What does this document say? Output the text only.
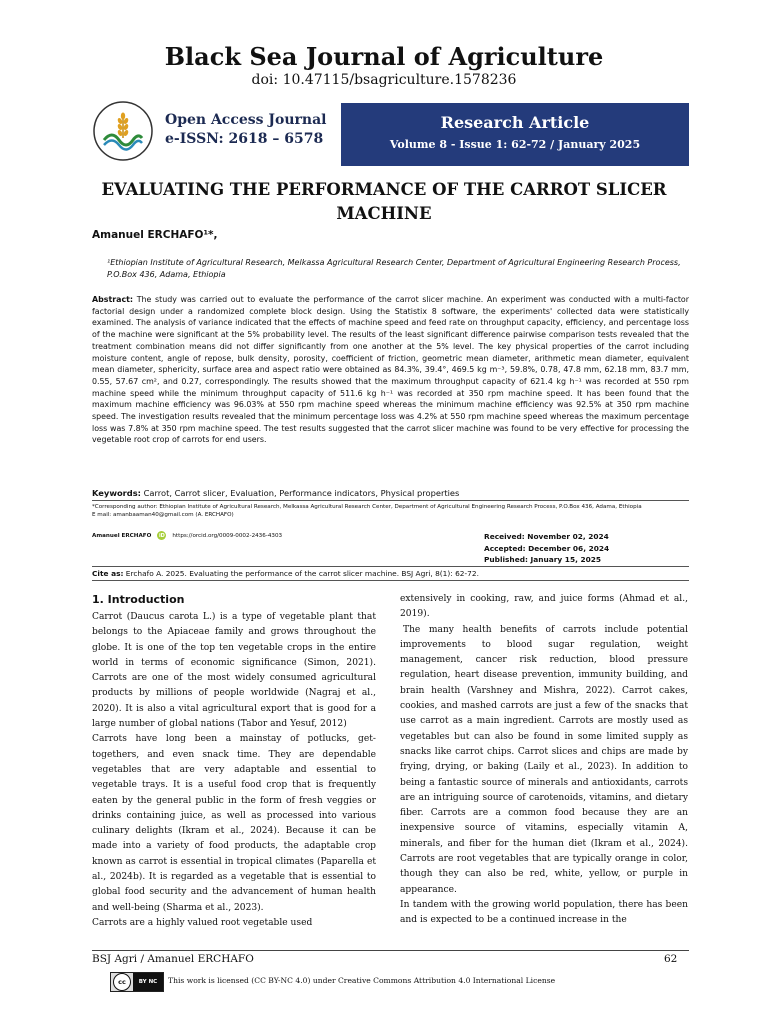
Black Sea Journal of Agriculture
doi: 10.47115/bsagriculture.1578236
Open Access Journal
e-ISSN: 2618 – 6578
Research Article
Volume 8 - Issue 1: 62-72 / January 2025
EVALUATING THE PERFORMANCE OF THE CARROT SLICER MACHINE
Amanuel ERCHAFO¹*,
¹Ethiopian Institute of Agricultural Research, Melkassa Agricultural Research Center, Department of Agricultural Engineering Research Process, P.O.Box 436, Adama, Ethiopia
Abstract: The study was carried out to evaluate the performance of the carrot slicer machine. An experiment was conducted with a multi-factor factorial design under a randomized complete block design. Using the Statistix 8 software, the experiments' collected data were statistically examined. The analysis of variance indicated that the effects of machine speed and feed rate on throughput capacity, efficiency, and percentage loss of the machine were significant at the 5% probability level. The results of the least significant difference pairwise comparison tests revealed that the treatment combination means did not differ significantly from one another at the 5% level. The key physical properties of the carrot including moisture content, angle of repose, bulk density, porosity, coefficient of friction, geometric mean diameter, arithmetic mean diameter, equivalent mean diameter, sphericity, surface area and aspect ratio were obtained as 84.3%, 39.4°, 469.5 kg m⁻³, 59.8%, 0.78, 47.8 mm, 62.18 mm, 83.7 mm, 0.55, 57.67 cm², and 0.27, correspondingly. The results showed that the maximum throughput capacity of 621.4 kg h⁻¹ was recorded at 550 rpm machine speed while the minimum throughput capacity of 511.6 kg h⁻¹ was recorded at 350 rpm machine speed. It has been found that the maximum machine efficiency was 96.03% at 550 rpm machine speed whereas the minimum machine efficiency was 92.5% at 350 rpm machine speed. The investigation results revealed that the minimum percentage loss was 4.2% at 550 rpm machine speed whereas the maximum percentage loss was 7.8% at 350 rpm machine speed. The test results suggested that the carrot slicer machine was found to be very effective for processing the vegetable root crop of carrots for end users.
Keywords: Carrot, Carrot slicer, Evaluation, Performance indicators, Physical properties
*Corresponding author: Ethiopian Institute of Agricultural Research, Melkassa Agricultural Research Center, Department of Agricultural Engineering Research Process, P.O.Box 436, Adama, Ethiopia
E mail: amanbaaman40@gmail.com (A. ERCHAFO)
Amanuel ERCHAFO	iD https://orcid.org/0009-0002-2436-4303	Received: November 02, 2024
Accepted: December 06, 2024
Published: January 15, 2025
Cite as: Erchafo A. 2025. Evaluating the performance of the carrot slicer machine. BSJ Agri, 8(1): 62-72.
1. Introduction

Carrot (Daucus carota L.) is a type of vegetable plant that belongs to the Apiaceae family and grows throughout the globe. It is one of the top ten vegetable crops in the entire world in terms of economic significance (Simon, 2021). Carrots are one of the most widely consumed agricultural products by millions of people worldwide (Nagraj et al., 2020). It is also a vital agricultural export that is good for a large number of global nations (Tabor and Yesuf, 2012)

Carrots have long been a mainstay of potlucks, get-togethers, and even snack time. They are dependable vegetables that are very adaptable and essential to vegetable trays. It is a useful food crop that is frequently eaten by the general public in the form of fresh veggies or drinks containing juice, as well as processed into various culinary delights (Ikram et al., 2024). Because it can be made into a variety of food products, the adaptable crop known as carrot is essential in tropical climates (Paparella et al., 2024b). It is regarded as a vegetable that is essential to global food security and the advancement of human health and well-being (Sharma et al., 2023).

Carrots are a highly valued root vegetable used

extensively in cooking, raw, and juice forms (Ahmad et al., 2019).

The many health benefits of carrots include potential improvements to blood sugar regulation, weight management, cancer risk reduction, blood pressure regulation, heart disease prevention, immunity building, and brain health (Varshney and Mishra, 2022). Carrot cakes, cookies, and mashed carrots are just a few of the snacks that use carrot as a main ingredient. Carrots are mostly used as vegetables but can also be found in some limited supply as snacks like carrot chips. Carrot slices and chips are made by frying, drying, or baking (Laily et al., 2023). In addition to being a fantastic source of minerals and antioxidants, carrots are an intriguing source of carotenoids, vitamins, and dietary fiber. Carrots are a common food because they are an inexpensive source of vitamins, especially vitamin A, minerals, and fiber for the human diet (Ikram et al., 2024). Carrots are root vegetables that are typically orange in color, though they can also be red, white, yellow, or purple in appearance.

In tandem with the growing world population, there has been and is expected to be a continued increase in the

BSJ Agri / Amanuel ERCHAFO	62
cc	BY NC	This work is licensed (CC BY-NC 4.0) under Creative Commons Attribution 4.0 International License
